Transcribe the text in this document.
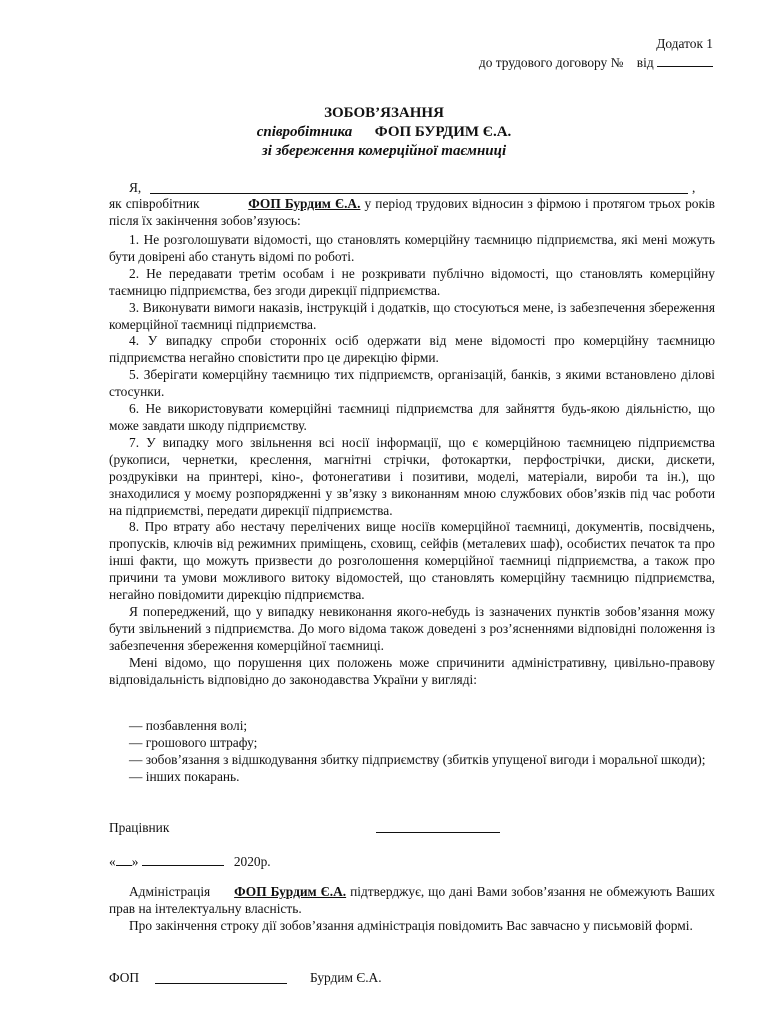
Додаток 1
до трудового договору № від
ЗОБОВ’ЯЗАННЯ
співробітника ФОП БУРДИМ Є.А.
зі збереження комерційної таємниці
Я,	,
як співробітник	ФОП Бурдим Є.А. у період трудових відносин з фірмою і протягом трьох років після їх закінчення зобов’язуюсь:

1. Не розголошувати відомості, що становлять комерційну таємницю підприємства, які мені можуть бути довірені або стануть відомі по роботі.

2. Не передавати третім особам і не розкривати публічно відомості, що становлять комерційну таємницю підприємства, без згоди дирекції підприємства.

3. Виконувати вимоги наказів, інструкцій і додатків, що стосуються мене, із забезпечення збереження комерційної таємниці підприємства.

4. У випадку спроби сторонніх осіб одержати від мене відомості про комерційну таємницю підприємства негайно сповістити про це дирекцію фірми.

5. Зберігати комерційну таємницю тих підприємств, організацій, банків, з якими встановлено ділові стосунки.

6. Не використовувати комерційні таємниці підприємства для зайняття будь-якою діяльністю, що може завдати шкоду підприємству.

7. У випадку мого звільнення всі носії інформації, що є комерційною таємницею підприємства (рукописи, чернетки, креслення, магнітні стрічки, фотокартки, перфострічки, диски, дискети, роздруківки на принтері, кіно-, фотонегативи і позитиви, моделі, матеріали, вироби та ін.), що знаходилися у моєму розпорядженні у зв’язку з виконанням мною службових обов’язків під час роботи на підприємстві, передати дирекції підприємства.

8. Про втрату або нестачу перелічених вище носіїв комерційної таємниці, документів, посвідчень, пропусків, ключів від режимних приміщень, сховищ, сейфів (металевих шаф), особистих печаток та про інші факти, що можуть призвести до розголошення комерційної таємниці підприємства, а також про причини та умови можливого витоку відомостей, що становлять комерційну таємницю підприємства, негайно повідомити дирекцію підприємства.

Я попереджений, що у випадку невиконання якого-небудь із зазначених пунктів зобов’язання можу бути звільнений з підприємства. До мого відома також доведені з роз’ясненнями відповідні положення із забезпечення збереження комерційної таємниці.

Мені відомо, що порушення цих положень може спричинити адміністративну, цивільно-правову відповідальність відповідно до законодавства України у вигляді:

— позбавлення волі;

— грошового штрафу;

— зобов’язання з відшкодування збитку підприємству (збитків упущеної вигоди і моральної шкоди);

— інших покарань.

Працівник
« »	2020р.

Адміністрація ФОП Бурдим Є.А. підтверджує, що дані Вами зобов’язання не обмежують Ваших прав на інтелектуальну власність.

Про закінчення строку дії зобов’язання адміністрація повідомить Вас завчасно у письмовій формі.

ФОП	Бурдим Є.А.
